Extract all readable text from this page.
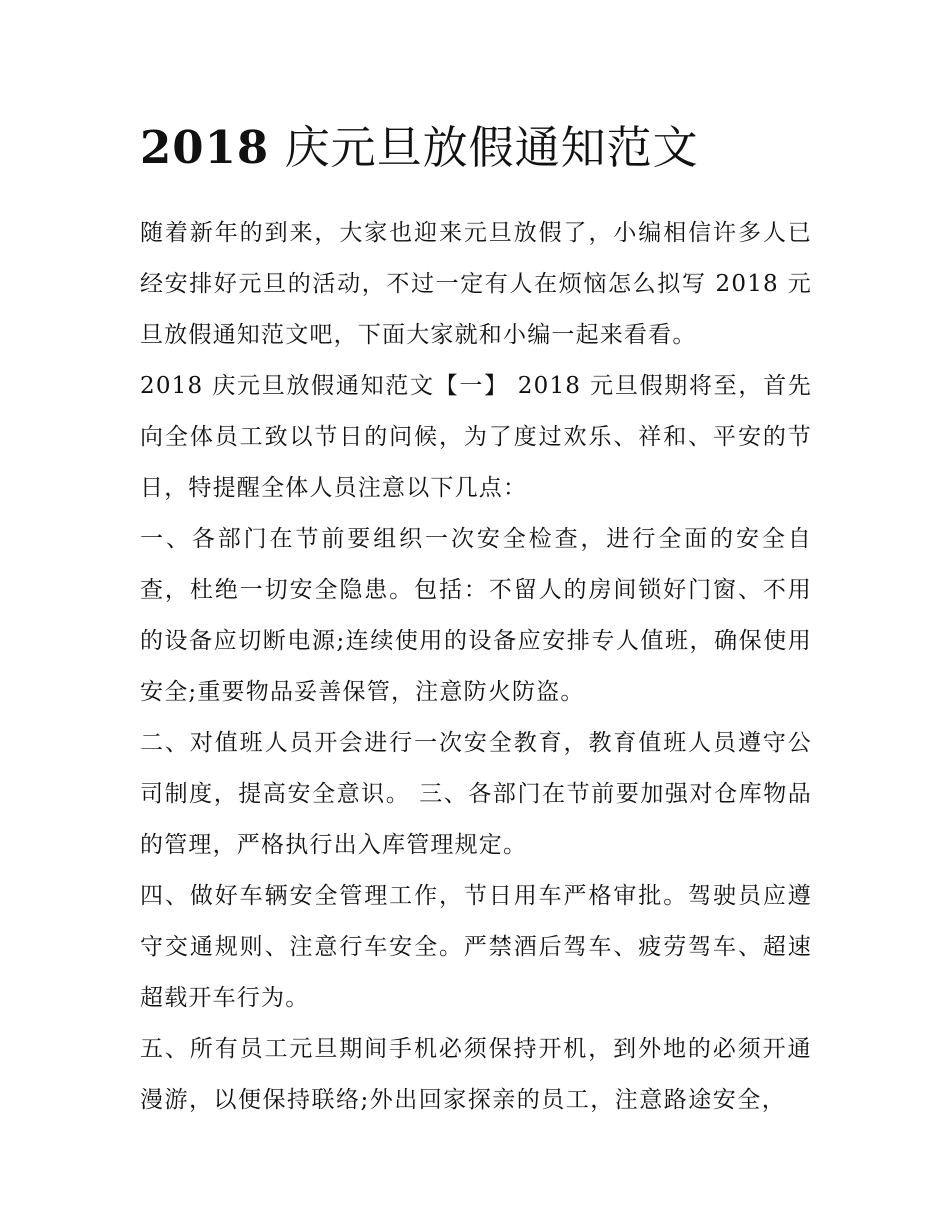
2018 庆元旦放假通知范文

随着新年的到来，大家也迎来元旦放假了，小编相信许多人已经安排好元旦的活动，不过一定有人在烦恼怎么拟写 2018 元旦放假通知范文吧，下面大家就和小编一起来看看。

2018 庆元旦放假通知范文【一】 2018 元旦假期将至，首先向全体员工致以节日的问候，为了度过欢乐、祥和、平安的节日，特提醒全体人员注意以下几点：

一、各部门在节前要组织一次安全检查，进行全面的安全自查，杜绝一切安全隐患。包括：不留人的房间锁好门窗、不用的设备应切断电源;连续使用的设备应安排专人值班，确保使用安全;重要物品妥善保管，注意防火防盗。

二、对值班人员开会进行一次安全教育，教育值班人员遵守公司制度，提高安全意识。 三、各部门在节前要加强对仓库物品的管理，严格执行出入库管理规定。

四、做好车辆安全管理工作，节日用车严格审批。驾驶员应遵守交通规则、注意行车安全。严禁酒后驾车、疲劳驾车、超速超载开车行为。

五、所有员工元旦期间手机必须保持开机，到外地的必须开通漫游，以便保持联络;外出回家探亲的员工，注意路途安全，
